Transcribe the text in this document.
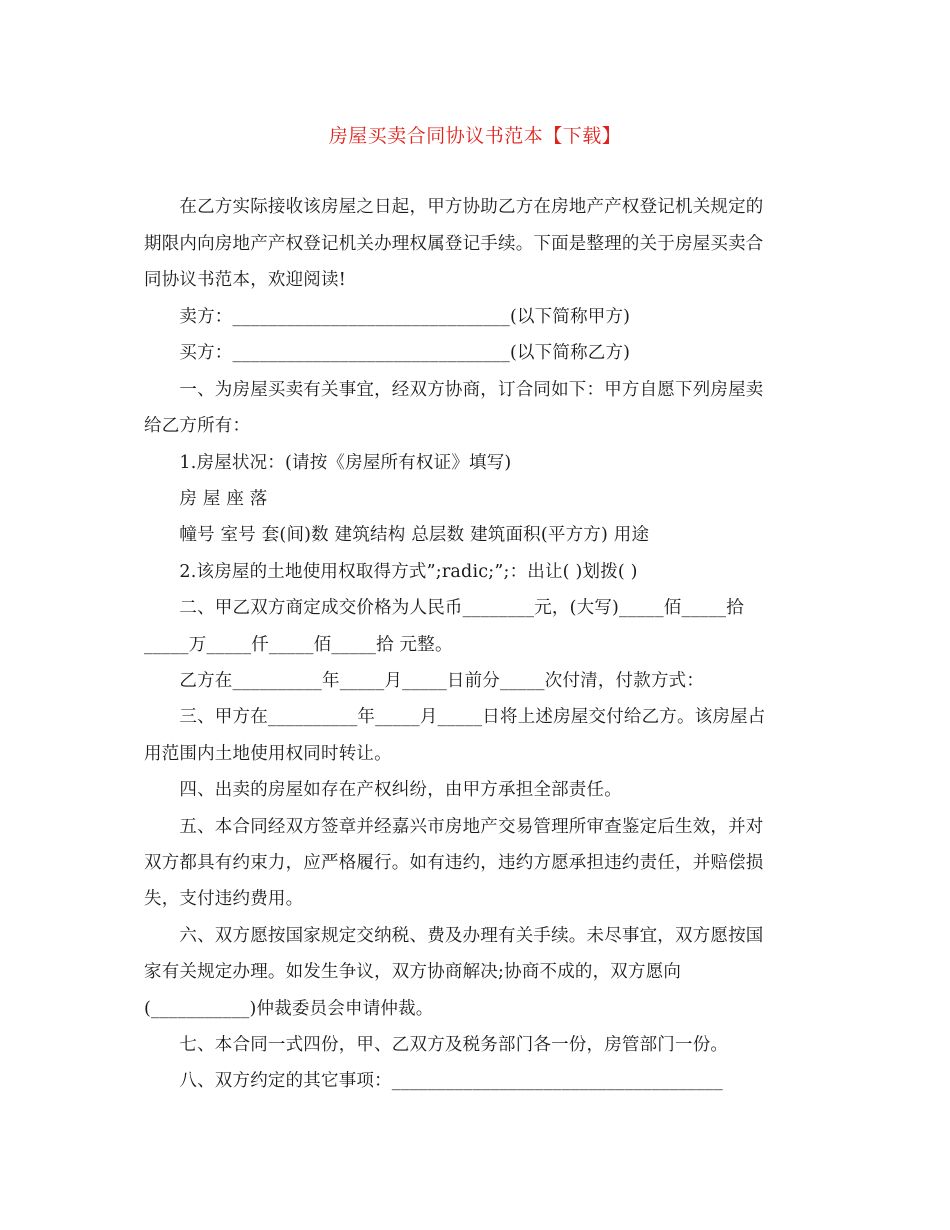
房屋买卖合同协议书范本【下载】
　　在乙方实际接收该房屋之日起，甲方协助乙方在房地产产权登记机关规定的
期限内向房地产产权登记机关办理权属登记手续。下面是整理的关于房屋买卖合
同协议书范本，欢迎阅读!
　　卖方：_______________________________(以下简称甲方)
　　买方：_______________________________(以下简称乙方)
　　一、为房屋买卖有关事宜，经双方协商，订合同如下：甲方自愿下列房屋卖
给乙方所有：
　　1.房屋状况：(请按《房屋所有权证》填写)
　　房 屋 座 落
　　幢号 室号 套(间)数 建筑结构 总层数 建筑面积(平方方) 用途
　　2.该房屋的土地使用权取得方式”;radic;”;：出让( )划拨( )
　　二、甲乙双方商定成交价格为人民币________元，(大写)_____佰_____拾
_____万_____仟_____佰_____拾 元整。
　　乙方在__________年_____月_____日前分_____次付清，付款方式：
　　三、甲方在__________年_____月_____日将上述房屋交付给乙方。该房屋占
用范围内土地使用权同时转让。
　　四、出卖的房屋如存在产权纠纷，由甲方承担全部责任。
　　五、本合同经双方签章并经嘉兴市房地产交易管理所审查鉴定后生效，并对
双方都具有约束力，应严格履行。如有违约，违约方愿承担违约责任，并赔偿损
失，支付违约费用。
　　六、双方愿按国家规定交纳税、费及办理有关手续。未尽事宜，双方愿按国
家有关规定办理。如发生争议，双方协商解决;协商不成的，双方愿向
(___________)仲裁委员会申请仲裁。
　　七、本合同一式四份，甲、乙双方及税务部门各一份，房管部门一份。
　　八、双方约定的其它事项：_____________________________________
